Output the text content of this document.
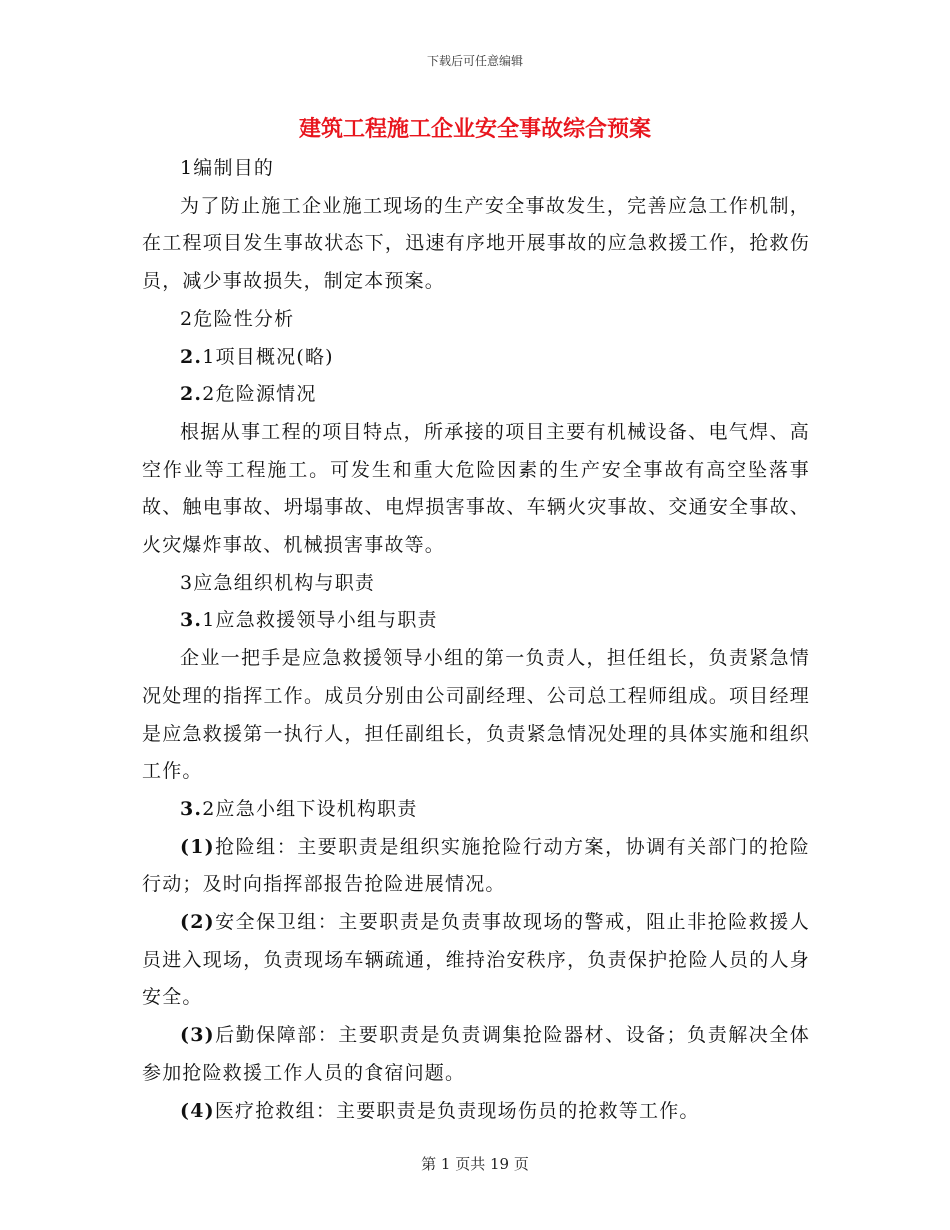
下载后可任意编辑
建筑工程施工企业安全事故综合预案

1编制目的

为了防止施工企业施工现场的生产安全事故发生，完善应急工作机制，在工程项目发生事故状态下，迅速有序地开展事故的应急救援工作，抢救伤员，减少事故损失，制定本预案。

2危险性分析

2.1项目概况(略)

2.2危险源情况

根据从事工程的项目特点，所承接的项目主要有机械设备、电气焊、高空作业等工程施工。可发生和重大危险因素的生产安全事故有高空坠落事故、触电事故、坍塌事故、电焊损害事故、车辆火灾事故、交通安全事故、火灾爆炸事故、机械损害事故等。

3应急组织机构与职责

3.1应急救援领导小组与职责

企业一把手是应急救援领导小组的第一负责人，担任组长，负责紧急情况处理的指挥工作。成员分别由公司副经理、公司总工程师组成。项目经理是应急救援第一执行人，担任副组长，负责紧急情况处理的具体实施和组织工作。

3.2应急小组下设机构职责

(1)抢险组：主要职责是组织实施抢险行动方案，协调有关部门的抢险行动；及时向指挥部报告抢险进展情况。

(2)安全保卫组：主要职责是负责事故现场的警戒，阻止非抢险救援人员进入现场，负责现场车辆疏通，维持治安秩序，负责保护抢险人员的人身安全。

(3)后勤保障部：主要职责是负责调集抢险器材、设备；负责解决全体参加抢险救援工作人员的食宿问题。

(4)医疗抢救组：主要职责是负责现场伤员的抢救等工作。

第 1 页共 19 页
